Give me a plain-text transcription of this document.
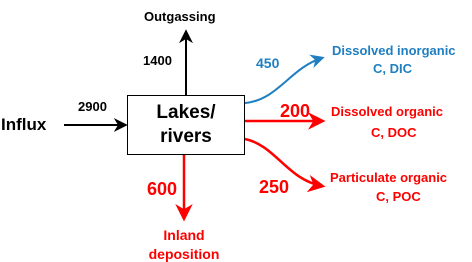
Lakes/
rivers
Influx
2900
Outgassing
1400	450
Dissolved inorganic
C, DIC
200 Dissolved organic
C, DOC
250	Particulate organic
C, POC
600
Inland
deposition
